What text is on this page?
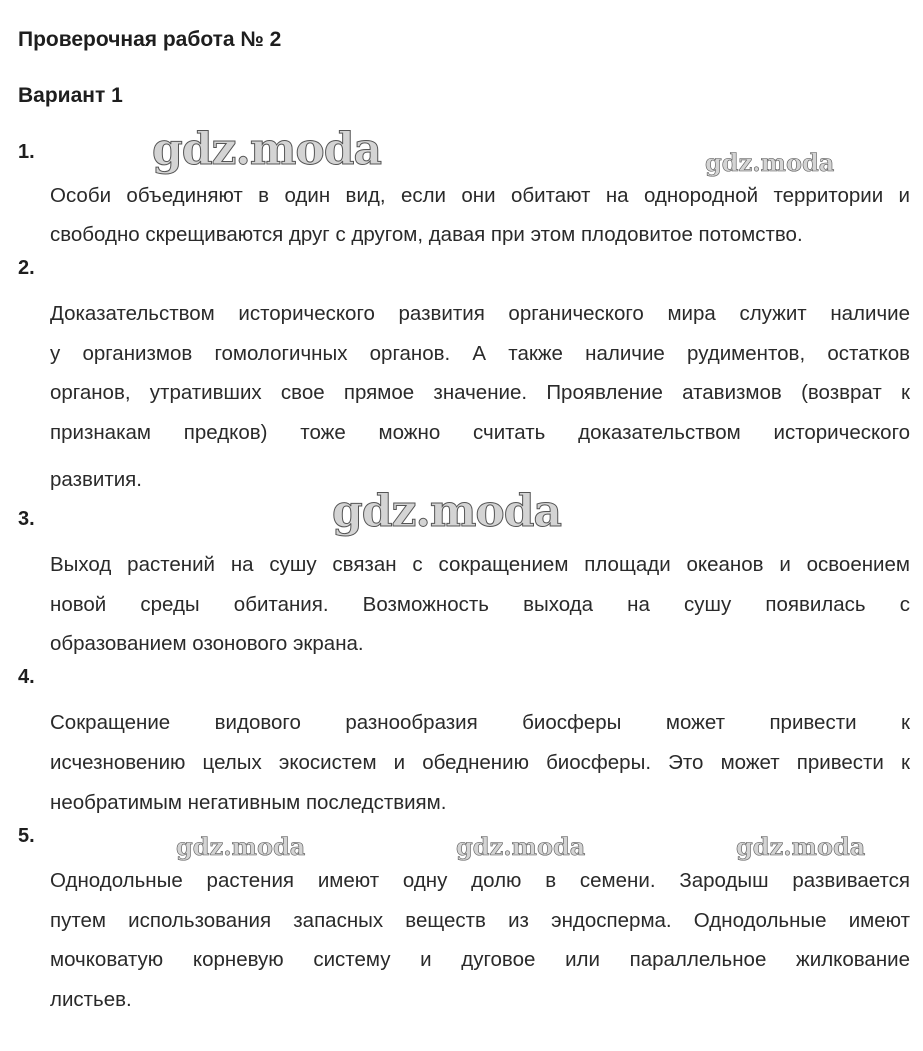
Проверочная работа № 2
Вариант 1
gdz.moda	gdz.moda
gdz.moda
gdz.moda	gdz.moda	gdz.moda
1.
Особи объединяют в один вид, если они обитают на однородной территории и
свободно скрещиваются друг с другом, давая при этом плодовитое потомство.
2.
Доказательством исторического развития органического мира служит наличие
у организмов гомологичных органов. А также наличие рудиментов, остатков
органов, утративших свое прямое значение. Проявление атавизмов (возврат к
признакам предков) тоже можно считать доказательством исторического
развития.
3.
Выход растений на сушу связан с сокращением площади океанов и освоением
новой среды обитания. Возможность выхода на сушу появилась с
образованием озонового экрана.
4.
Сокращение видового разнообразия биосферы может привести к
исчезновению целых экосистем и обеднению биосферы. Это может привести к
необратимым негативным последствиям.
5.
Однодольные растения имеют одну долю в семени. Зародыш развивается
путем использования запасных веществ из эндосперма. Однодольные имеют
мочковатую корневую систему и дуговое или параллельное жилкование
листьев.
